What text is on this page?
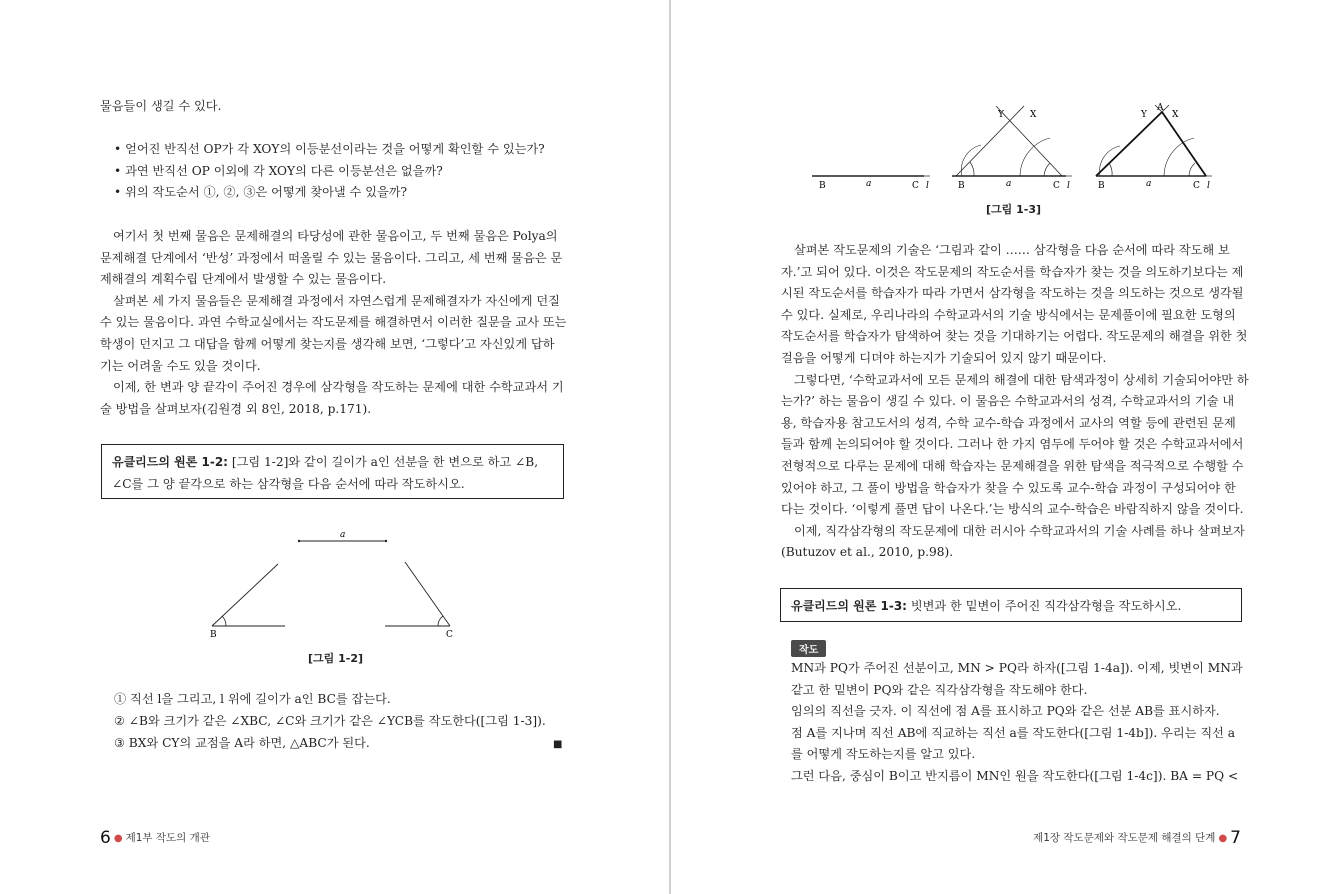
물음들이 생길 수 있다.
• 얻어진 반직선 OP가 각 XOY의 이등분선이라는 것을 어떻게 확인할 수 있는가?
• 과연 반직선 OP 이외에 각 XOY의 다른 이등분선은 없을까?
• 위의 작도순서 ①, ②, ③은 어떻게 찾아낼 수 있을까?
여기서 첫 번째 물음은 문제해결의 타당성에 관한 물음이고, 두 번째 물음은 Polya의
문제해결 단계에서 ‘반성’ 과정에서 떠올릴 수 있는 물음이다. 그리고, 세 번째 물음은 문
제해결의 계획수립 단계에서 발생할 수 있는 물음이다.
살펴본 세 가지 물음들은 문제해결 과정에서 자연스럽게 문제해결자가 자신에게 던질
수 있는 물음이다. 과연 수학교실에서는 작도문제를 해결하면서 이러한 질문을 교사 또는
학생이 던지고 그 대답을 함께 어떻게 찾는지를 생각해 보면, ‘그렇다’고 자신있게 답하
기는 어려울 수도 있을 것이다.
이제, 한 변과 양 끝각이 주어진 경우에 삼각형을 작도하는 문제에 대한 수학교과서 기
술 방법을 살펴보자(김원경 외 8인, 2018, p.171).
유클리드의 원론 1-2: [그림 1-2]와 같이 길이가 a인 선분을 한 변으로 하고 ∠B,
∠C를 그 양 끝각으로 하는 삼각형을 다음 순서에 따라 작도하시오.
a
B	C
[그림 1-2]
① 직선 l을 그리고, l 위에 길이가 a인 BC를 잡는다.
② ∠B와 크기가 같은 ∠XBC, ∠C와 크기가 같은 ∠YCB를 작도한다([그림 1-3]).
③ BX와 CY의 교점을 A라 하면, △ABC가 된다.	■
6 ● 제1부 작도의 개관
B	a	C l
Y	X
B	a	C l
Y
A
X
B	a	C l
[그림 1-3]
살펴본 작도문제의 기술은 ‘그림과 같이 …… 삼각형을 다음 순서에 따라 작도해 보
자.’고 되어 있다. 이것은 작도문제의 작도순서를 학습자가 찾는 것을 의도하기보다는 제
시된 작도순서를 학습자가 따라 가면서 삼각형을 작도하는 것을 의도하는 것으로 생각될
수 있다. 실제로, 우리나라의 수학교과서의 기술 방식에서는 문제풀이에 필요한 도형의
작도순서를 학습자가 탐색하여 찾는 것을 기대하기는 어렵다. 작도문제의 해결을 위한 첫
걸음을 어떻게 디뎌야 하는지가 기술되어 있지 않기 때문이다.
그렇다면, ‘수학교과서에 모든 문제의 해결에 대한 탐색과정이 상세히 기술되어야만 하
는가?’ 하는 물음이 생길 수 있다. 이 물음은 수학교과서의 성격, 수학교과서의 기술 내
용, 학습자용 참고도서의 성격, 수학 교수-학습 과정에서 교사의 역할 등에 관련된 문제
들과 함께 논의되어야 할 것이다. 그러나 한 가지 염두에 두어야 할 것은 수학교과서에서
전형적으로 다루는 문제에 대해 학습자는 문제해결을 위한 탐색을 적극적으로 수행할 수
있어야 하고, 그 풀이 방법을 학습자가 찾을 수 있도록 교수-학습 과정이 구성되어야 한
다는 것이다. ‘이렇게 풀면 답이 나온다.’는 방식의 교수-학습은 바람직하지 않을 것이다.
이제, 직각삼각형의 작도문제에 대한 러시아 수학교과서의 기술 사례를 하나 살펴보자
(Butuzov et al., 2010, p.98).
유클리드의 원론 1-3: 빗변과 한 밑변이 주어진 직각삼각형을 작도하시오.
작도
MN과 PQ가 주어진 선분이고, MN > PQ라 하자([그림 1-4a]). 이제, 빗변이 MN과
같고 한 밑변이 PQ와 같은 직각삼각형을 작도해야 한다.
임의의 직선을 긋자. 이 직선에 점 A를 표시하고 PQ와 같은 선분 AB를 표시하자.
점 A를 지나며 직선 AB에 직교하는 직선 a를 작도한다([그림 1-4b]). 우리는 직선 a
를 어떻게 작도하는지를 알고 있다.
그런 다음, 중심이 B이고 반지름이 MN인 원을 작도한다([그림 1-4c]). BA = PQ <
제1장 작도문제와 작도문제 해결의 단계 ● 7
